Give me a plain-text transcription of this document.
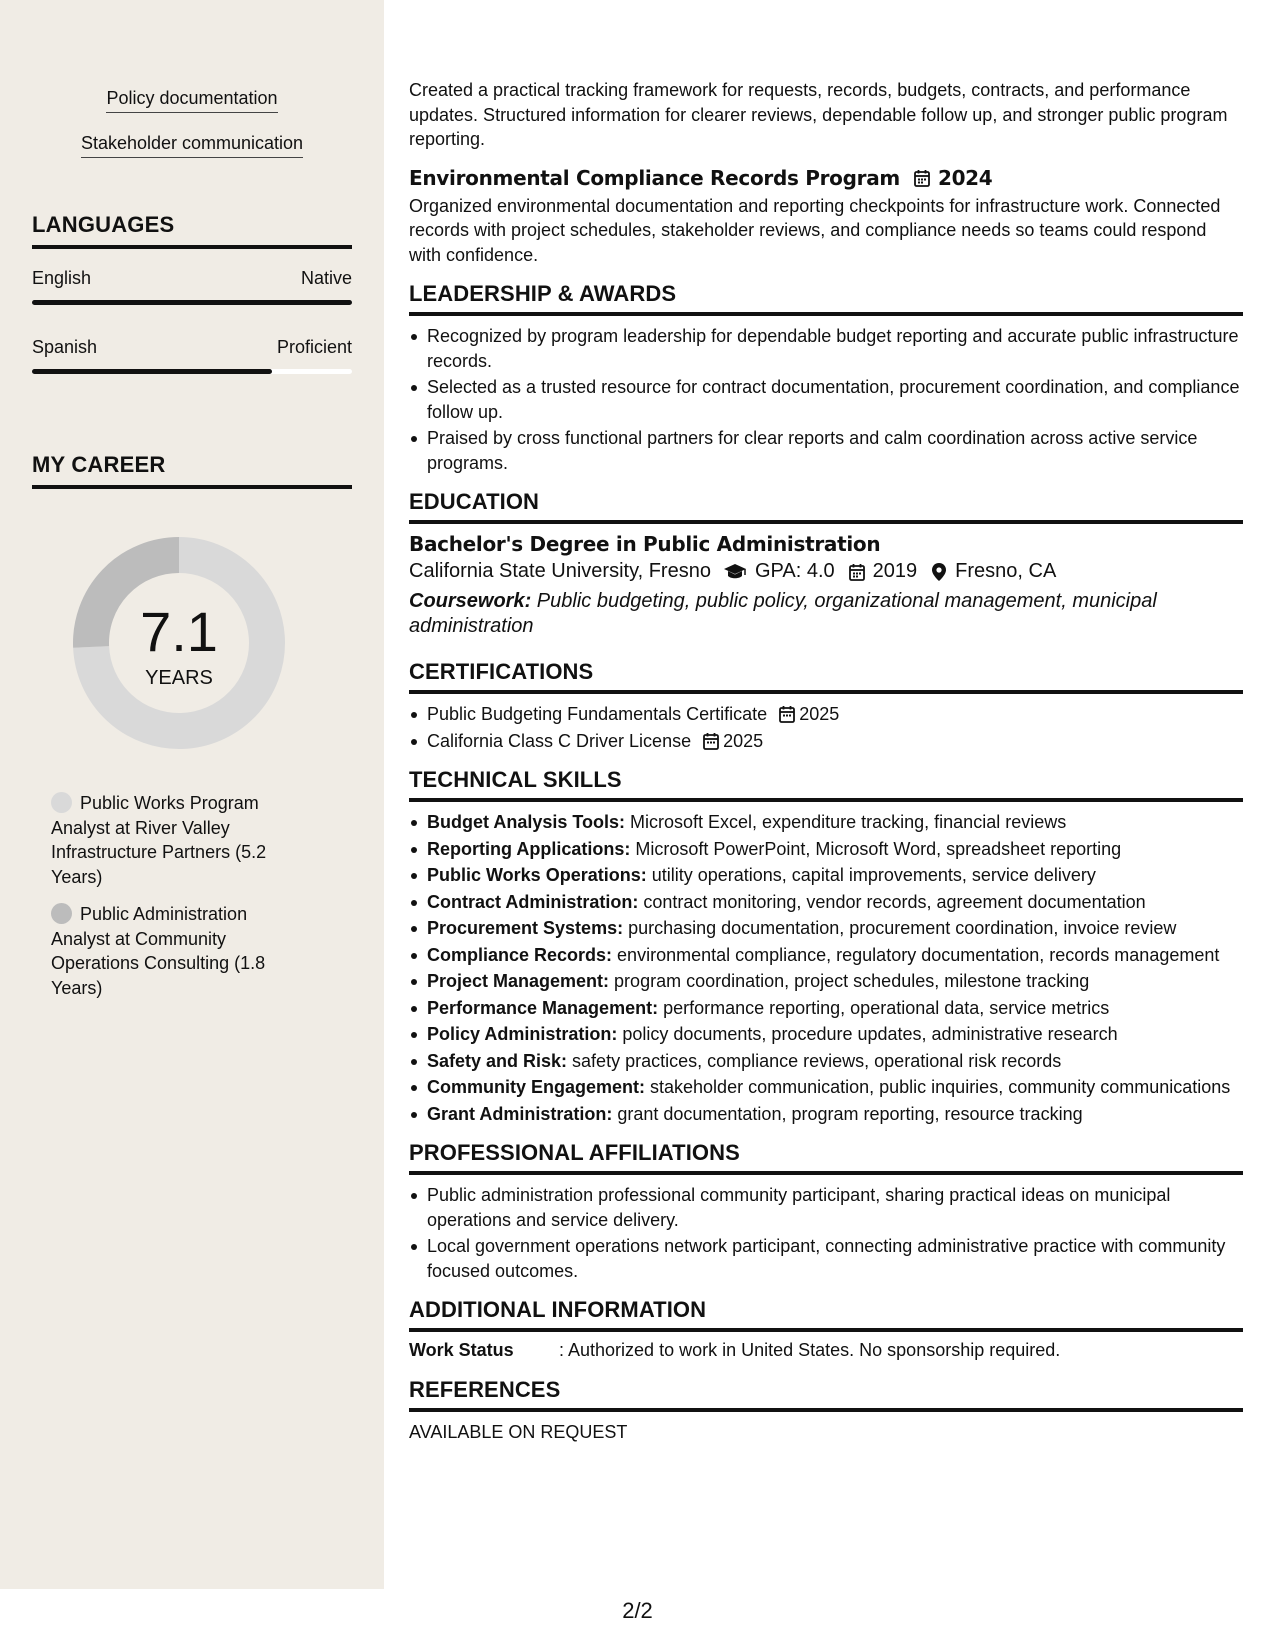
Policy documentation
Stakeholder communication
LANGUAGES
English	Native
Spanish	Proficient
MY CAREER
7.1
YEARS
Public Works Program Analyst at River Valley Infrastructure Partners (5.2 Years)
Public Administration Analyst at Community Operations Consulting (1.8 Years)

Created a practical tracking framework for requests, records, budgets, contracts, and performance updates. Structured information for clearer reviews, dependable follow up, and stronger public program reporting.

Environmental Compliance Records Program 2024

Organized environmental documentation and reporting checkpoints for infrastructure work. Connected records with project schedules, stakeholder reviews, and compliance needs so teams could respond with confidence.

LEADERSHIP & AWARDS
Recognized by program leadership for dependable budget reporting and accurate public infrastructure records.
Selected as a trusted resource for contract documentation, procurement coordination, and compliance follow up.
Praised by cross functional partners for clear reports and calm coordination across active service programs.
EDUCATION
Bachelor's Degree in Public Administration
California State University, Fresno GPA: 4.0 2019 Fresno, CA
Coursework: Public budgeting, public policy, organizational management, municipal administration
CERTIFICATIONS
Public Budgeting Fundamentals Certificate 2025
California Class C Driver License 2025
TECHNICAL SKILLS
Budget Analysis Tools: Microsoft Excel, expenditure tracking, financial reviews
Reporting Applications: Microsoft PowerPoint, Microsoft Word, spreadsheet reporting
Public Works Operations: utility operations, capital improvements, service delivery
Contract Administration: contract monitoring, vendor records, agreement documentation
Procurement Systems: purchasing documentation, procurement coordination, invoice review
Compliance Records: environmental compliance, regulatory documentation, records management
Project Management: program coordination, project schedules, milestone tracking
Performance Management: performance reporting, operational data, service metrics
Policy Administration: policy documents, procedure updates, administrative research
Safety and Risk: safety practices, compliance reviews, operational risk records
Community Engagement: stakeholder communication, public inquiries, community communications
Grant Administration: grant documentation, program reporting, resource tracking
PROFESSIONAL AFFILIATIONS
Public administration professional community participant, sharing practical ideas on municipal operations and service delivery.
Local government operations network participant, connecting administrative practice with community focused outcomes.
ADDITIONAL INFORMATION
Work Status	: Authorized to work in United States. No sponsorship required.
REFERENCES
AVAILABLE ON REQUEST
2/2
